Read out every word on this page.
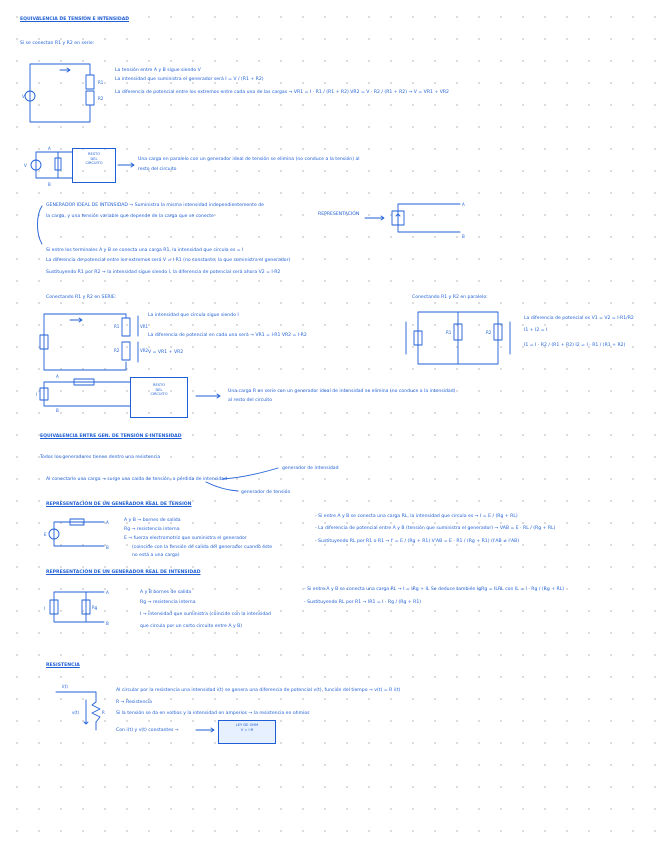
EQUIVALENCIA DE TENSIÓN E INTENSIDAD

Si se conectan R1 y R2 en serie:

La tensión entre A y B sigue siendo V

La intensidad que suministra el generador será I = V / (R1 + R2)

La diferencia de potencial entre los extremos entre cada una de las cargas → VR1 = I · R1 / (R1 + R2) VR2 = V · R2 / (R1 + R2) → V = VR1 + VR2

Una carga en paralelo con un generador ideal de tensión se elimina (no conduce a la tensión) al

resto del circuito

GENERADOR IDEAL DE INTENSIDAD → Suministra la misma intensidad independientemente de

la carga, y una tensión variable que depende de la carga que se conecte	REPRESENTACIÓN

Si entre los terminales A y B se conecta una carga R1, la intensidad que circula es = I

La diferencia de potencial entre los extremos será V = I·R1 (no constante, la que suministra el generador)

Sustituyendo R1 por R2 → la intensidad sigue siendo I, la diferencia de potencial será ahora V2 = I·R2

Conectando R1 y R2 en SERIE:

La intensidad que circula sigue siendo I

La diferencia de potencial en cada una será → VR1 = I·R1 VR2 = I·R2

V = VR1 + VR2

Conectando R1 y R2 en paralelo:

La diferencia de potencial es V1 = V2 = I·R1/R2

I1 + I2 = I

I1 = I · R2 / (R1 + R2) I2 = I · R1 / (R1 + R2)

Una carga R en serie con un generador ideal de intensidad se elimina (no conduce a la intensidad)

al resto del circuito

EQUIVALENCIA ENTRE GEN. DE TENSIÓN E INTENSIDAD

Todos los generadores tienen dentro una resistencia

Al conectarle una carga → surge una caída de tensión, o pérdida de intensidad

generador de intensidad

generador de tensión

REPRESENTACIÓN DE UN GENERADOR REAL DE TENSIÓN

A y B → bornes de salida

Rg → resistencia interna

E → fuerza electromotriz que suministra el generador

(coincide con la tensión de salida del generador cuando éste

no está a una carga)

- Si entre A y B se conecta una carga RL, la intensidad que circula es → I = E / (Rg + RL)

- La diferencia de potencial entre A y B (tensión que suministra el generador) → VAB = E · RL / (Rg + RL)

- Sustituyendo RL por R1 o R1 → I' = E / (Rg + R1) V'AB = E · R1 / (Rg + R1) (I'AB ≠ I'AB)

REPRESENTACIÓN DE UN GENERADOR REAL DE INTENSIDAD

A y B bornes de salida

Rg → resistencia interna

I → intensidad que suministra (coincide con la intensidad

que circula por un corto circuito entre A y B)

- Si entre A y B se conecta una carga RL → I = IRg + IL Se deduce también IgRg = ILRL con IL = I · Rg / (Rg + RL)

- Sustituyendo RL por R1 → IR1 = I · Rg / (Rg + R1)

RESISTENCIA

Al circular por la resistencia una intensidad i(t) se genera una diferencia de potencial v(t), función del tiempo → v(t) = R i(t)

R → Resistencia

Si la tensión se da en voltios y la intensidad en amperios → la resistencia en ohmios

Con i(t) y v(t) constantes →

LEY DE OHM
V = I·R
RESTO
DEL
CIRCUITO
RESTO
DEL
CIRCUITO
R1
R2
V
V
A
B
A
B
R1
R2
VR1
VR2
R1	R2
I
A
B
E
A
B
I	Rg
A
B
i(t)
R
v(t)
